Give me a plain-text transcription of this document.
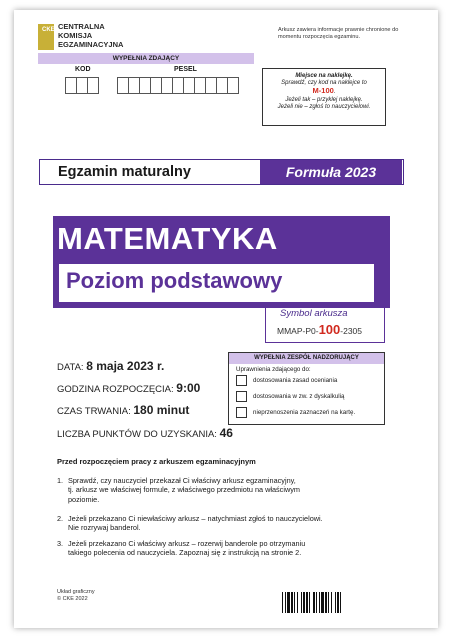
CKE CENTRALNA
KOMISJA
EGZAMINACYJNA
Arkusz zawiera informacje prawnie chronione do momentu rozpoczęcia egzaminu.
WYPEŁNIA ZDAJĄCY
KOD	PESEL
Miejsce na naklejkę.
Sprawdź, czy kod na naklejce to
M-100.
Jeżeli tak – przyklej naklejkę.
Jeżeli nie – zgłoś to nauczycielowi.
Egzamin maturalny	Formuła 2023
MATEMATYKA
Poziom podstawowy
Symbol arkusza
MMAP-P0-100-2305
DATA: 8 maja 2023 r.
GODZINA ROZPOCZĘCIA: 9:00
CZAS TRWANIA: 180 minut
LICZBA PUNKTÓW DO UZYSKANIA: 46
WYPEŁNIA ZESPÓŁ NADZORUJĄCY
Uprawnienia zdającego do:
dostosowania zasad oceniania
dostosowania w zw. z dyskalkulią
nieprzenoszenia zaznaczeń na kartę.
Przed rozpoczęciem pracy z arkuszem egzaminacyjnym
1. Sprawdź, czy nauczyciel przekazał Ci właściwy arkusz egzaminacyjny,
tj. arkusz we właściwej formule, z właściwego przedmiotu na właściwym
poziomie.
2. Jeżeli przekazano Ci niewłaściwy arkusz – natychmiast zgłoś to nauczycielowi.
Nie rozrywaj banderol.
3. Jeżeli przekazano Ci właściwy arkusz – rozerwij banderole po otrzymaniu
takiego polecenia od nauczyciela. Zapoznaj się z instrukcją na stronie 2.
Układ graficzny
© CKE 2022
